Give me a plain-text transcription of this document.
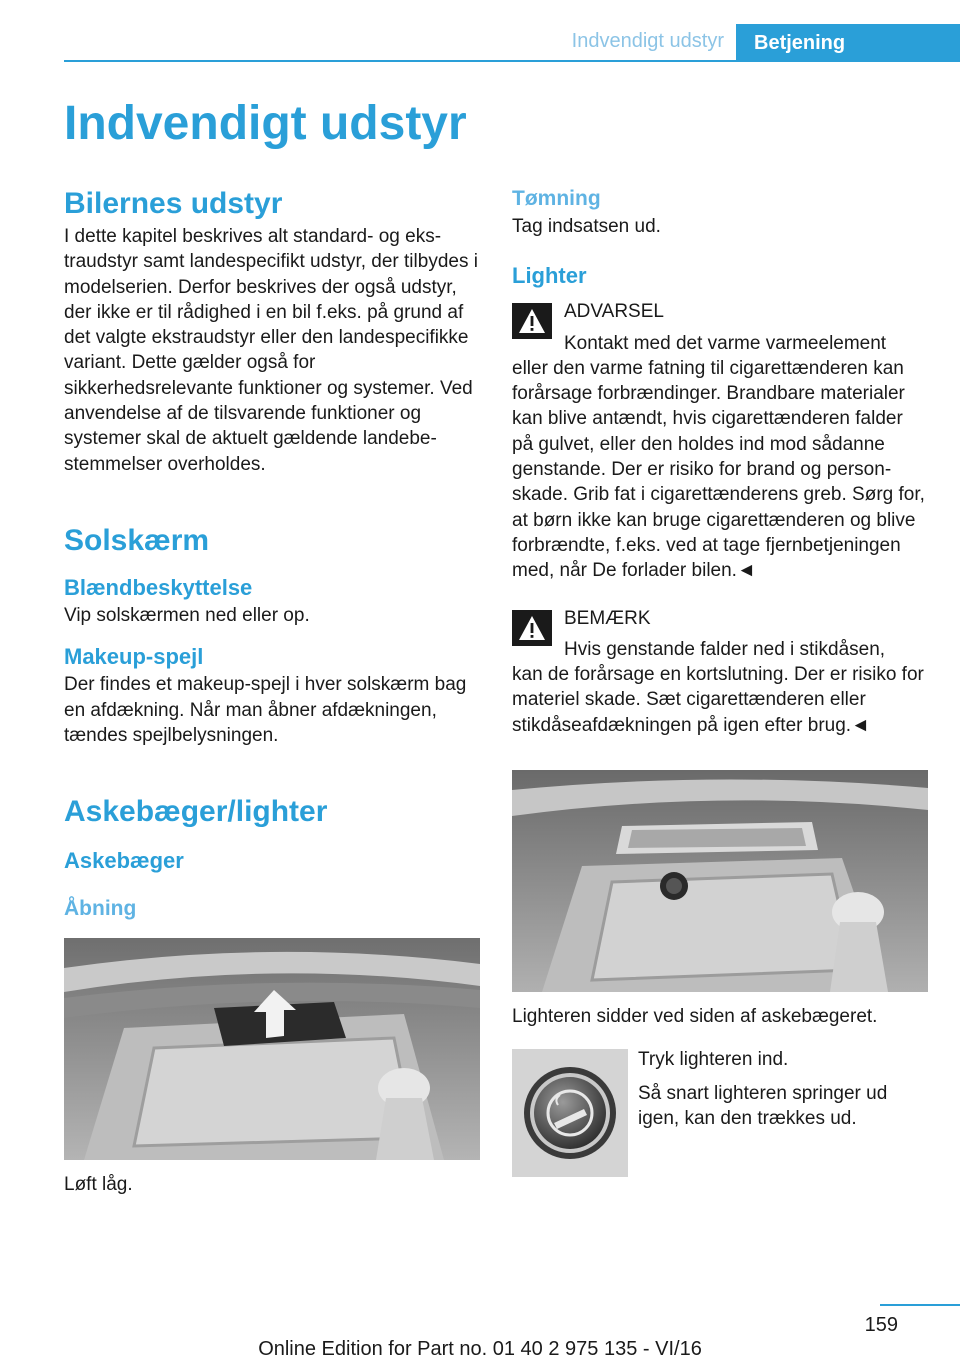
Indvendigt udstyr	Betjening
Indvendigt udstyr
Bilernes udstyr

I dette kapitel beskrives alt standard- og ekstraudstyr samt landespecifikt udstyr, der tilbydes i modelserien. Derfor beskrives der også udstyr, der ikke er til rådighed i en bil f.eks. på grund af det valgte ekstraudstyr eller den landespecifikke variant. Dette gælder også for sikkerhedsrelevante funktioner og systemer. Ved anvendelse af de tilsvarende funktioner og systemer skal de aktuelt gældende landebestemmelser overholdes.

Solskærm
Blændbeskyttelse

Vip solskærmen ned eller op.

Makeup-spejl

Der findes et makeup-spejl i hver solskærm bag en afdækning. Når man åbner afdækningen, tændes spejlbelysningen.

Askebæger/lighter
Askebæger
Åbning

Løft låg.

Tømning

Tag indsatsen ud.

Lighter
ADVARSEL
Kontakt med det varme varmeelement

eller den varme fatning til cigarettænderen kan forårsage forbrændinger. Brandbare materialer kan blive antændt, hvis cigarettænderen falder på gulvet, eller den holdes ind mod sådanne genstande. Der er risiko for brand og personskade. Grib fat i cigarettænderens greb. Sørg for, at børn ikke kan bruge cigarettænderen og blive forbrændte, f.eks. ved at tage fjernbetjeningen med, når De forlader bilen.◄

BEMÆRK
Hvis genstande falder ned i stikdåsen,

kan de forårsage en kortslutning. Der er risiko for materiel skade. Sæt cigarettænderen eller stikdåseafdækningen på igen efter brug.◄

Lighteren sidder ved siden af askebægeret.

Tryk lighteren ind.

Så snart lighteren springer ud igen, kan den trækkes ud.

159
Online Edition for Part no. 01 40 2 975 135 - VI/16
